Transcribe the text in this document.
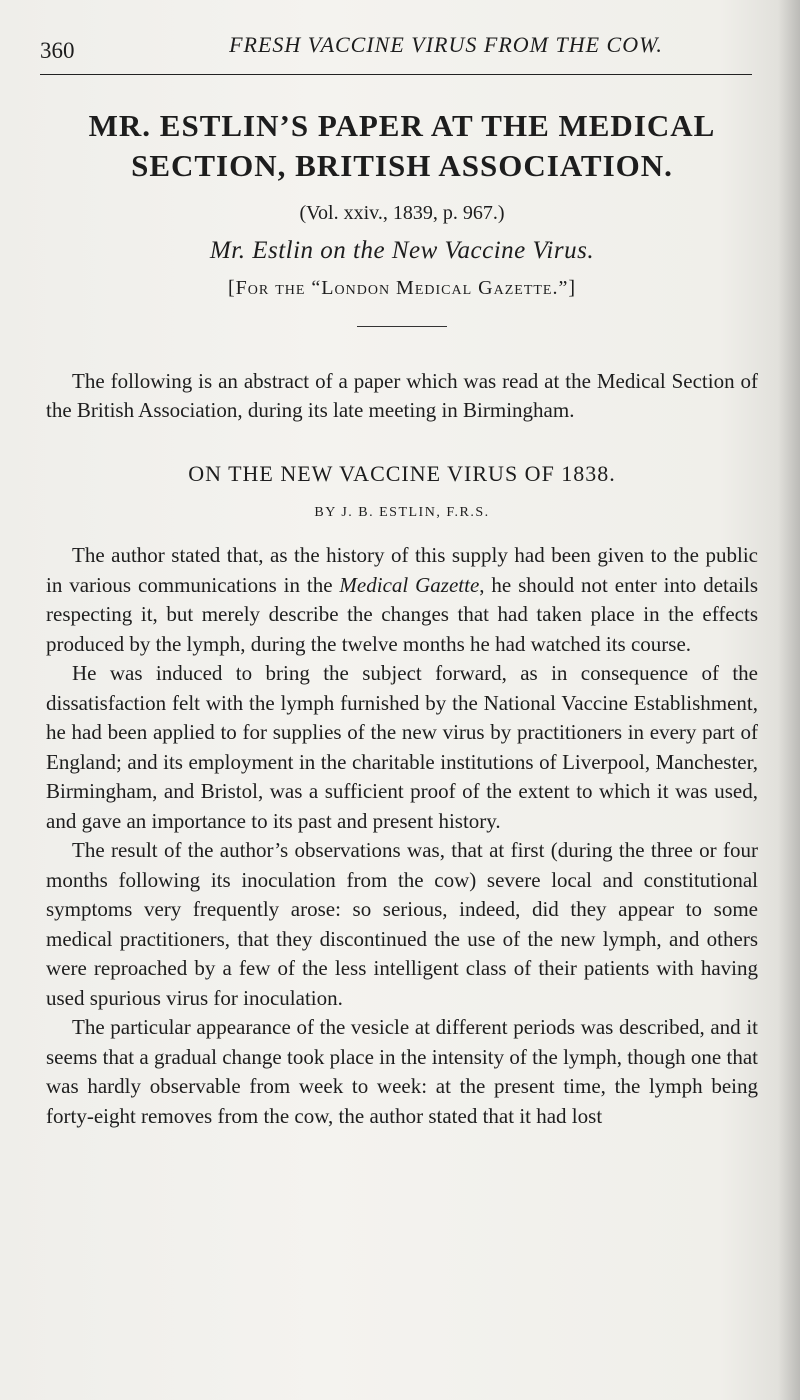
360	FRESH VACCINE VIRUS FROM THE COW.
MR. ESTLIN’S PAPER AT THE MEDICAL
SECTION, BRITISH ASSOCIATION.
(Vol. xxiv., 1839, p. 967.)
Mr. Estlin on the New Vaccine Virus.
[For the “London Medical Gazette.”]

The following is an abstract of a paper which was read at the Medical Section of the British Association, during its late meeting in Birmingham.

ON THE NEW VACCINE VIRUS OF 1838.
BY J. B. ESTLIN, F.R.S.

The author stated that, as the history of this supply had been given to the public in various communications in the Medical Gazette, he should not enter into details respecting it, but merely describe the changes that had taken place in the effects produced by the lymph, during the twelve months he had watched its course.

He was induced to bring the subject forward, as in consequence of the dissatisfaction felt with the lymph furnished by the National Vaccine Establishment, he had been applied to for supplies of the new virus by practitioners in every part of England; and its employment in the charitable institutions of Liverpool, Manchester, Birmingham, and Bristol, was a sufficient proof of the extent to which it was used, and gave an importance to its past and present history.

The result of the author’s observations was, that at first (during the three or four months following its inoculation from the cow) severe local and constitutional symptoms very frequently arose: so serious, indeed, did they appear to some medical practitioners, that they discontinued the use of the new lymph, and others were reproached by a few of the less intelligent class of their patients with having used spurious virus for inoculation.

The particular appearance of the vesicle at different periods was described, and it seems that a gradual change took place in the intensity of the lymph, though one that was hardly observable from week to week: at the present time, the lymph being forty-eight removes from the cow, the author stated that it had lost
